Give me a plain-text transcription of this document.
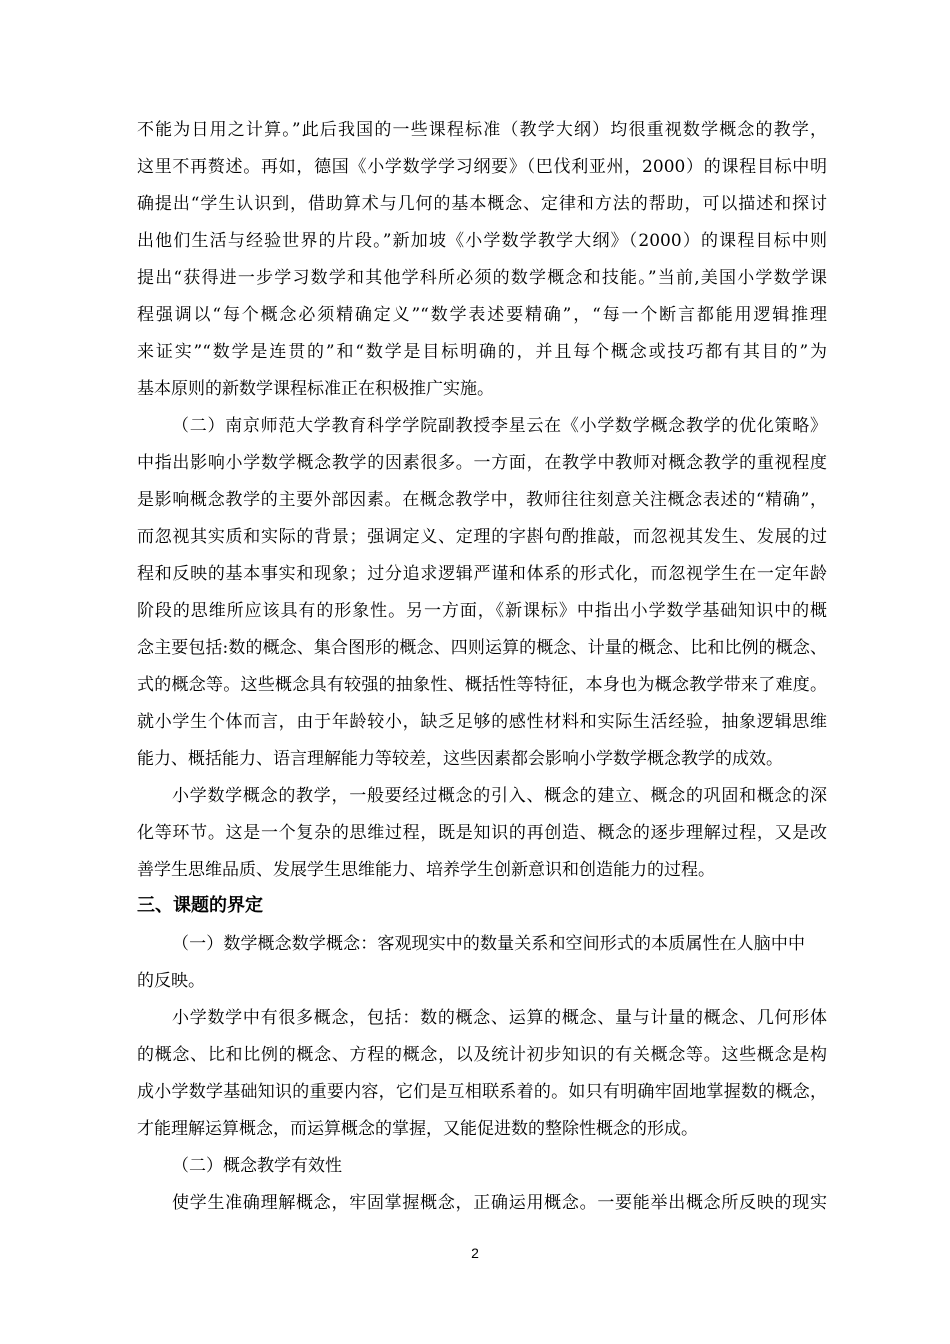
不能为日用之计算。”此后我国的一些课程标准（教学大纲）均很重视数学概念的教学，
这里不再赘述。再如，德国《小学数学学习纲要》（巴伐利亚州，2000）的课程目标中明
确提出“学生认识到，借助算术与几何的基本概念、定律和方法的帮助，可以描述和探讨
出他们生活与经验世界的片段。”新加坡《小学数学教学大纲》（2000）的课程目标中则
提出“获得进一步学习数学和其他学科所必须的数学概念和技能。”当前,美国小学数学课
程强调以“每个概念必须精确定义”“数学表述要精确”，“每一个断言都能用逻辑推理
来证实”“数学是连贯的”和“数学是目标明确的，并且每个概念或技巧都有其目的”为
基本原则的新数学课程标准正在积极推广实施。
（二）南京师范大学教育科学学院副教授李星云在《小学数学概念教学的优化策略》
中指出影响小学数学概念教学的因素很多。一方面，在教学中教师对概念教学的重视程度
是影响概念教学的主要外部因素。在概念教学中，教师往往刻意关注概念表述的“精确”，
而忽视其实质和实际的背景；强调定义、定理的字斟句酌推敲，而忽视其发生、发展的过
程和反映的基本事实和现象；过分追求逻辑严谨和体系的形式化，而忽视学生在一定年龄
阶段的思维所应该具有的形象性。另一方面，《新课标》中指出小学数学基础知识中的概
念主要包括:数的概念、集合图形的概念、四则运算的概念、计量的概念、比和比例的概念、
式的概念等。这些概念具有较强的抽象性、概括性等特征，本身也为概念教学带来了难度。
就小学生个体而言，由于年龄较小，缺乏足够的感性材料和实际生活经验，抽象逻辑思维
能力、概括能力、语言理解能力等较差，这些因素都会影响小学数学概念教学的成效。
小学数学概念的教学，一般要经过概念的引入、概念的建立、概念的巩固和概念的深
化等环节。这是一个复杂的思维过程，既是知识的再创造、概念的逐步理解过程，又是改
善学生思维品质、发展学生思维能力、培养学生创新意识和创造能力的过程。
三、课题的界定
（一）数学概念数学概念：客观现实中的数量关系和空间形式的本质属性在人脑中中
的反映。
小学数学中有很多概念，包括：数的概念、运算的概念、量与计量的概念、几何形体
的概念、比和比例的概念、方程的概念，以及统计初步知识的有关概念等。这些概念是构
成小学数学基础知识的重要内容，它们是互相联系着的。如只有明确牢固地掌握数的概念，
才能理解运算概念，而运算概念的掌握，又能促进数的整除性概念的形成。
（二）概念教学有效性
使学生准确理解概念，牢固掌握概念，正确运用概念。一要能举出概念所反映的现实
2
